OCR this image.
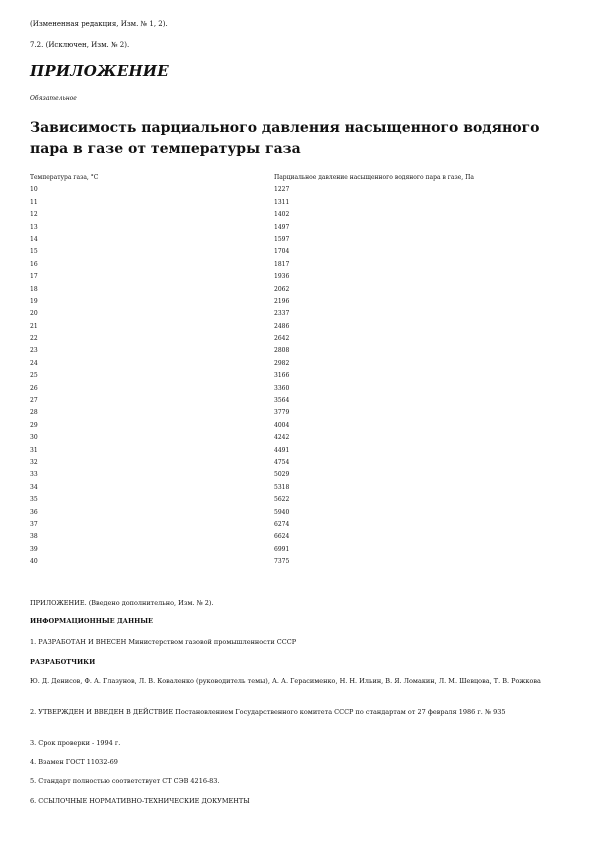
(Измененная редакция, Изм. № 1, 2).
7.2. (Исключен, Изм. № 2).
ПРИЛОЖЕНИЕ
Обязательное
Зависимость парциального давления насыщенного водяного пара в газе от температуры газа
Температура газа, °С	Парциальное давление насыщенного водяного пара в газе, Па
10	1227
11	1311
12	1402
13	1497
14	1597
15	1704
16	1817
17	1936
18	2062
19	2196
20	2337
21	2486
22	2642
23	2808
24	2982
25	3166
26	3360
27	3564
28	3779
29	4004
30	4242
31	4491
32	4754
33	5029
34	5318
35	5622
36	5940
37	6274
38	6624
39	6991
40	7375
ПРИЛОЖЕНИЕ. (Введено дополнительно, Изм. № 2).
ИНФОРМАЦИОННЫЕ ДАННЫЕ
1. РАЗРАБОТАН И ВНЕСЕН Министерством газовой промышленности СССР
РАЗРАБОТЧИКИ
Ю. Д. Денисов, Ф. А. Глазунов, Л. В. Коваленко (руководитель темы), А. А. Герасименко, Н. Н. Ильин, В. Я. Ломакин, Л. М. Шевцова, Т. В. Рожкова
2. УТВЕРЖДЕН И ВВЕДЕН В ДЕЙСТВИЕ Постановлением Государственного комитета СССР по стандартам от 27 февраля 1986 г. № 935
3. Срок проверки - 1994 г.
4. Взамен ГОСТ 11032-69
5. Стандарт полностью соответствует СТ СЭВ 4216-83.
6. ССЫЛОЧНЫЕ НОРМАТИВНО-ТЕХНИЧЕСКИЕ ДОКУМЕНТЫ
